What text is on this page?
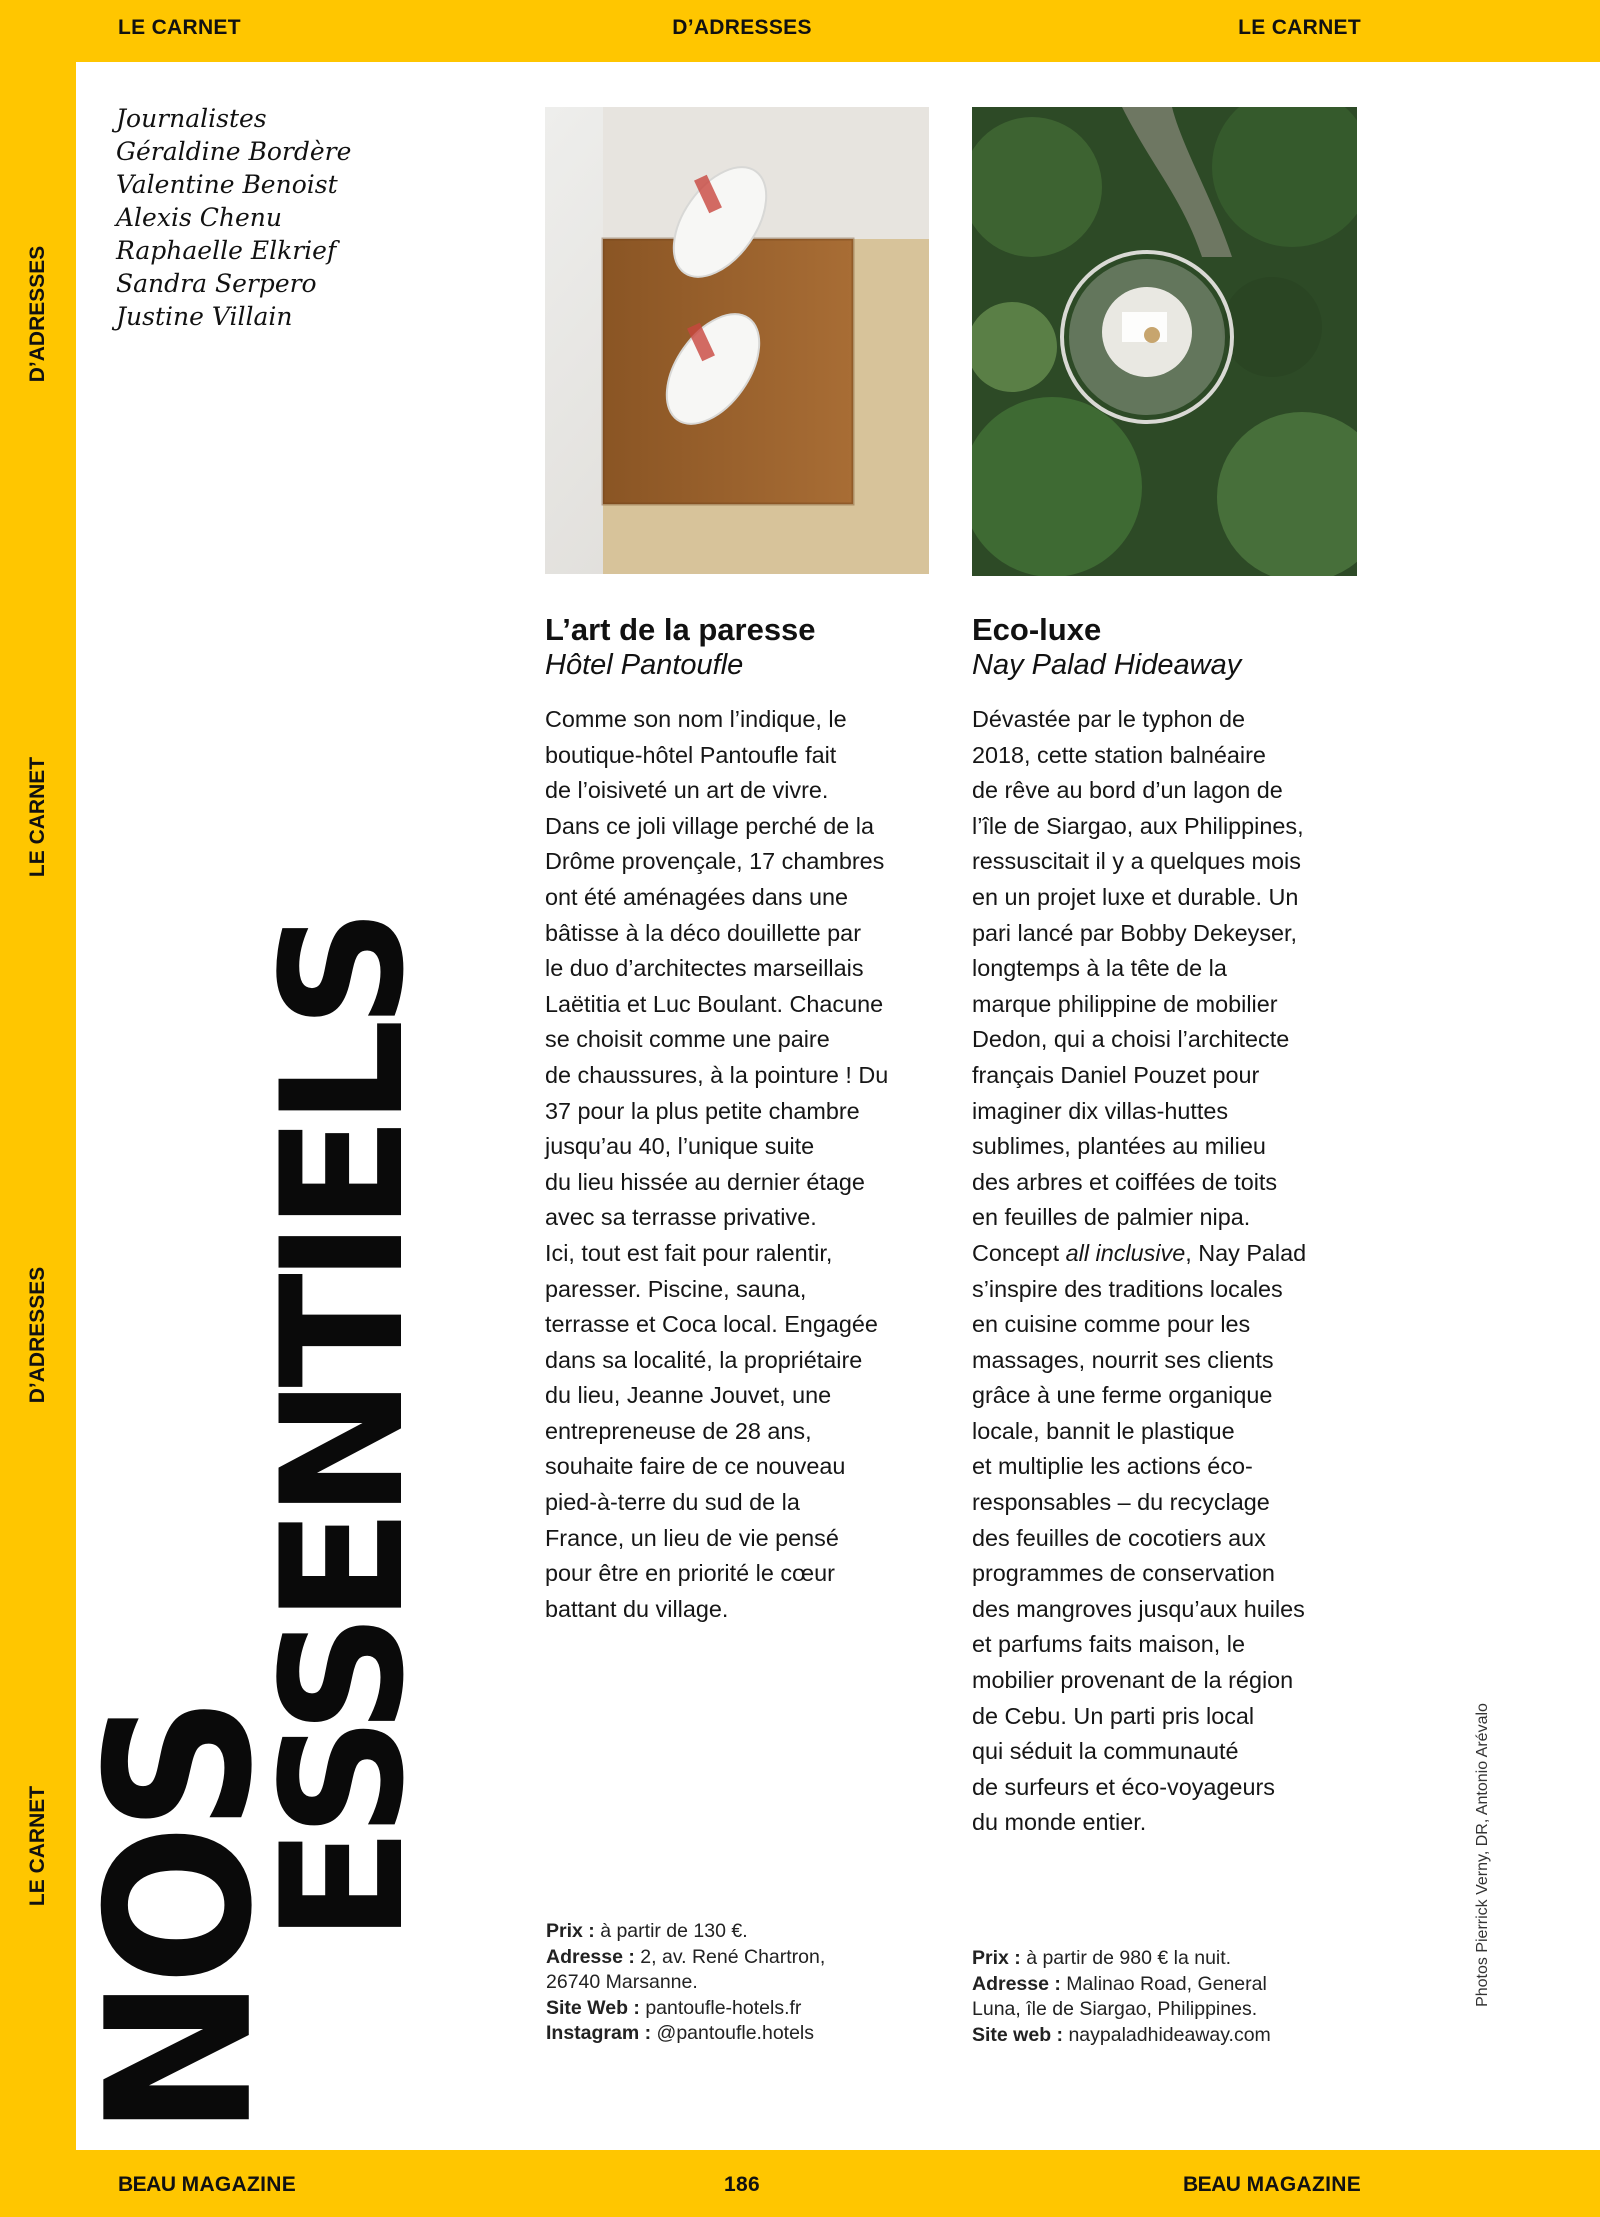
LE CARNET	D’ADRESSES	LE CARNET
D’ADRESSES
LE CARNET
D’ADRESSES
LE CARNET
BEAU MAGAZINE	186	BEAU MAGAZINE
Journalistes
Géraldine Bordère
Valentine Benoist
Alexis Chenu
Raphaelle Elkrief
Sandra Serpero
Justine Villain
NOS
ESSENTIELS
L’art de la paresse
Hôtel Pantoufle
Comme son nom l’indique, le
boutique-hôtel Pantoufle fait
de l’oisiveté un art de vivre.
Dans ce joli village perché de la
Drôme provençale, 17 chambres
ont été aménagées dans une
bâtisse à la déco douillette par
le duo d’architectes marseillais
Laëtitia et Luc Boulant. Chacune
se choisit comme une paire
de chaussures, à la pointure ! Du
37 pour la plus petite chambre
jusqu’au 40, l’unique suite
du lieu hissée au dernier étage
avec sa terrasse privative.
Ici, tout est fait pour ralentir,
paresser. Piscine, sauna,
terrasse et Coca local. Engagée
dans sa localité, la propriétaire
du lieu, Jeanne Jouvet, une
entrepreneuse de 28 ans,
souhaite faire de ce nouveau
pied-à-terre du sud de la
France, un lieu de vie pensé
pour être en priorité le cœur
battant du village.
Eco-luxe
Nay Palad Hideaway
Dévastée par le typhon de
2018, cette station balnéaire
de rêve au bord d’un lagon de
l’île de Siargao, aux Philippines,
ressuscitait il y a quelques mois
en un projet luxe et durable. Un
pari lancé par Bobby Dekeyser,
longtemps à la tête de la
marque philippine de mobilier
Dedon, qui a choisi l’architecte
français Daniel Pouzet pour
imaginer dix villas-huttes
sublimes, plantées au milieu
des arbres et coiffées de toits
en feuilles de palmier nipa.
Concept all inclusive, Nay Palad
s’inspire des traditions locales
en cuisine comme pour les
massages, nourrit ses clients
grâce à une ferme organique
locale, bannit le plastique
et multiplie les actions éco-
responsables – du recyclage
des feuilles de cocotiers aux
programmes de conservation
des mangroves jusqu’aux huiles
et parfums faits maison, le
mobilier provenant de la région
de Cebu. Un parti pris local
qui séduit la communauté
de surfeurs et éco-voyageurs
du monde entier.
Prix : à partir de 130 €.
Adresse : 2, av. René Chartron,
26740 Marsanne.
Site Web : pantoufle-hotels.fr
Instagram : @pantoufle.hotels
Prix : à partir de 980 € la nuit.
Adresse : Malinao Road, General
Luna, île de Siargao, Philippines.
Site web : naypaladhideaway.com
Photos Pierrick Verny, DR, Antonio Arévalo
